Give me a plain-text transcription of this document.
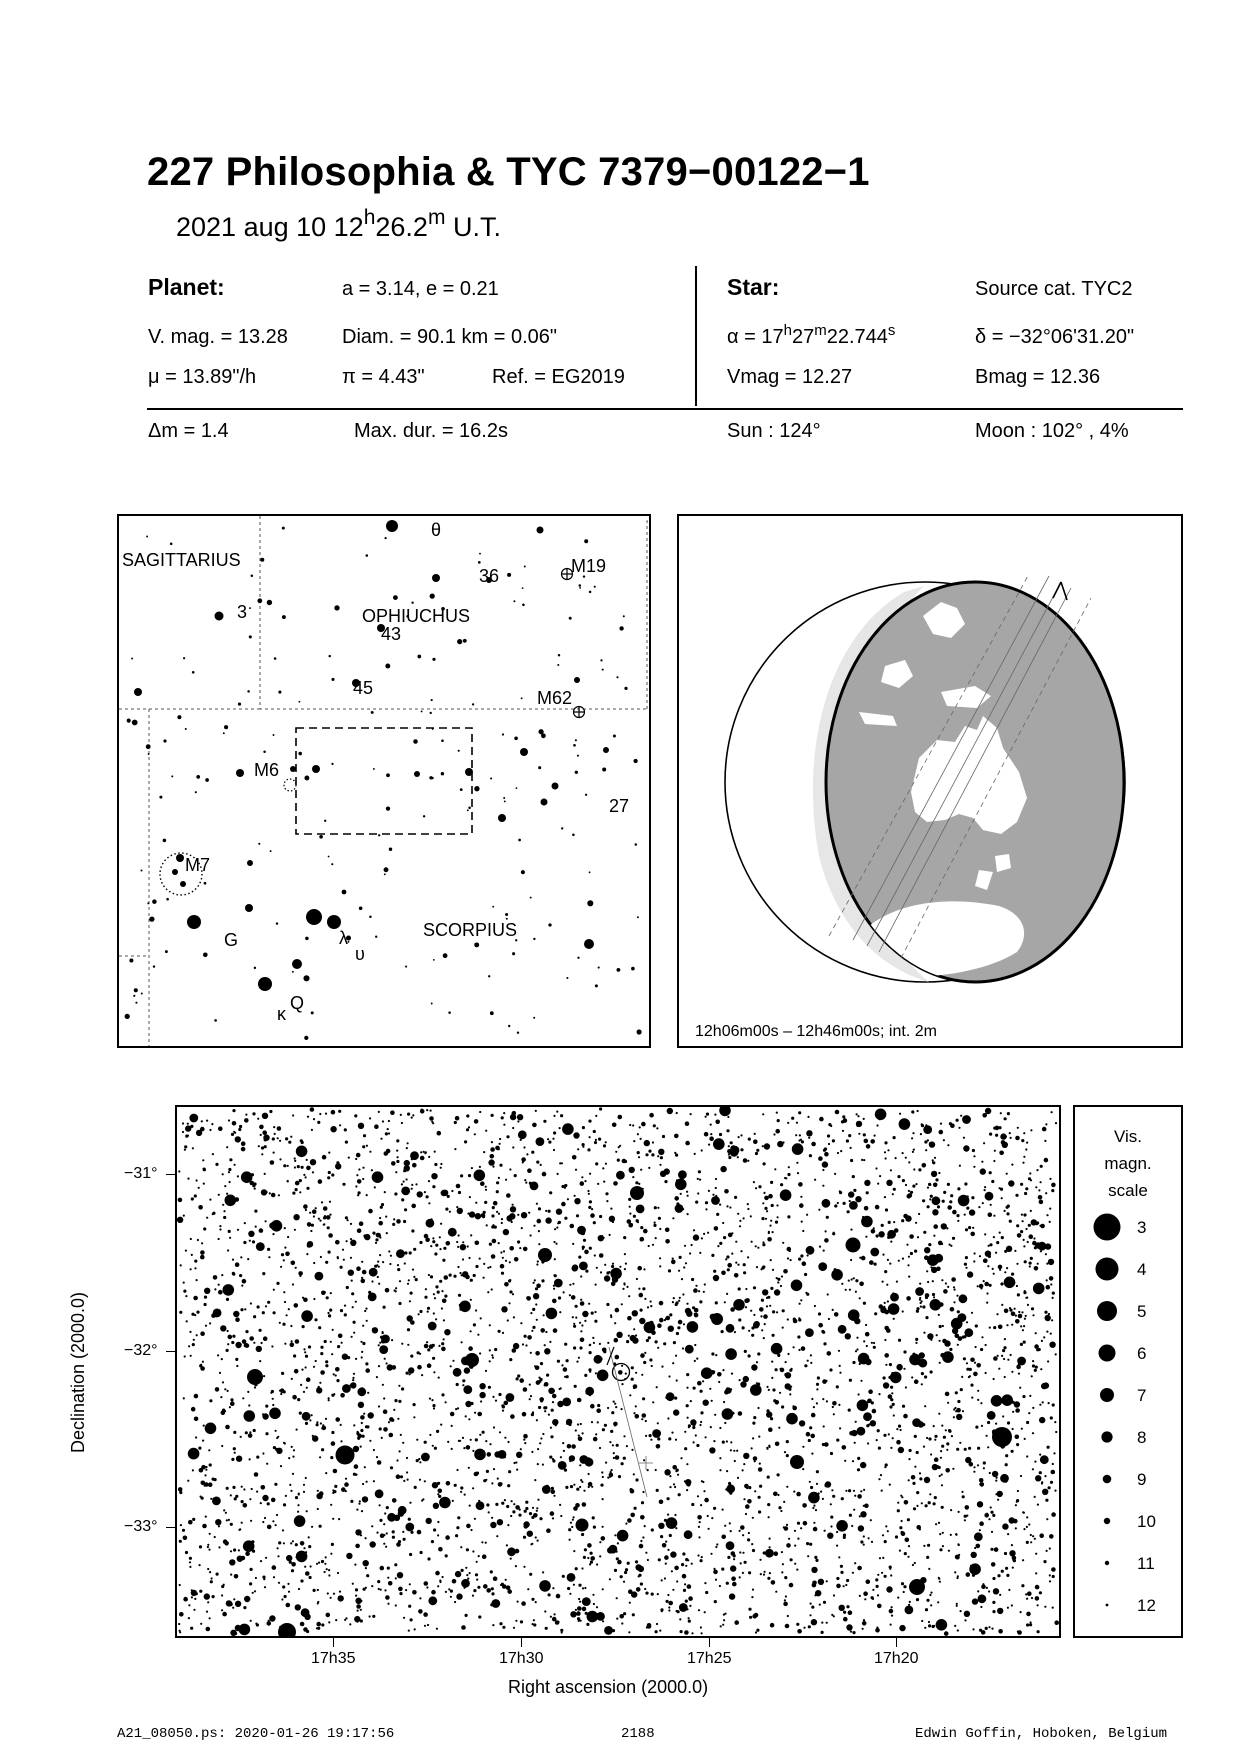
227 Philosophia & TYC 7379−00122−1
2021 aug 10 12$^h$26.2$^m$ U.T.
Planet:	a = 3.14, e = 0.21
V. mag. = 13.28	Diam. = 90.1 km = 0.06"
μ = 13.89"/h	π = 4.43"	Ref. = EG2019
Star:	Source cat. TYC2
$\alpha = 17^h27^m22.744^s$	δ = −32°06'31.20"
Vmag = 12.27	Bmag = 12.36
Δm = 1.4	Max. dur. = 16.2s	Sun : 124°	Moon : 102° , 4%
SAGITTARIUS
OPHIUCHUS
SCORPIUS
θ
36	M19
3
43
45	M62
M6
27
M7
G	λ
υ
Q
κ
12h06m00s – 12h46m00s; int. 2m
−31°
−32°
−33°
17h35	17h30	17h25	17h20
Right ascension (2000.0)
Declination (2000.0)
Vis.
magn.
scale
3
4
5
6
7
8
9
10
11
12
A21_08050.ps: 2020-01-26 19:17:56	2188	Edwin Goffin, Hoboken, Belgium
